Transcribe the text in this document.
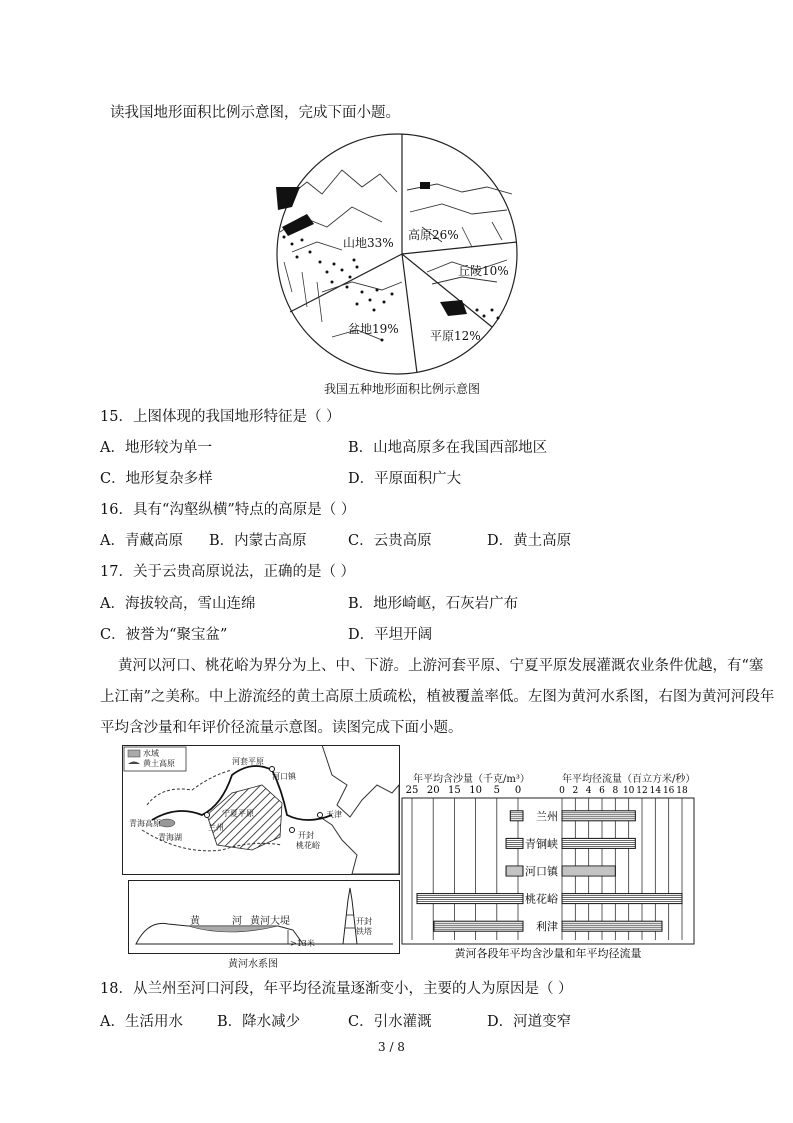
读我国地形面积比例示意图，完成下面小题。
山地33%
高原26%
丘陵10%
平原12%
盆地19%
我国五种地形面积比例示意图
15．上图体现的我国地形特征是（ ）
A．地形较为单一	B．山地高原多在我国西部地区
C．地形复杂多样	D．平原面积广大
16．具有“沟壑纵横”特点的高原是（ ）
A．青藏高原 B．内蒙古高原	C．云贵高原	D．黄土高原
17．关于云贵高原说法，正确的是（ ）
A．海拔较高，雪山连绵	B．地形崎岖，石灰岩广布
C．被誉为“聚宝盆”	D．平坦开阔
黄河以河口、桃花峪为界分为上、中、下游。上游河套平原、宁夏平原发展灌溉农业条件优越，有“塞
上江南”之美称。中上游流经的黄土高原土质疏松，植被覆盖率低。左图为黄河水系图，右图为黄河河段年
平均含沙量和年评价径流量示意图。读图完成下面小题。
水域
黄土高原	河套平原
河口镇
青海高原
青海湖
宁夏平原
兰州
开封
桃花峪
天津
黄	河 黄河大堤	开封
铁塔
>13米
黄河水系图
年平均含沙量（千克/m³）	年平均径流量（百立方米/秒）
25 20 15 10 5 0	0 2 4 6 8 10 12 14 16 18
兰州
青铜峡
河口镇
桃花峪
利津
黄河各段年平均含沙量和年平均径流量
18．从兰州至河口河段，年平均径流量逐渐变小，主要的人为原因是（ ）
A．生活用水 B．降水减少	C．引水灌溉	D．河道变窄
3 / 8
